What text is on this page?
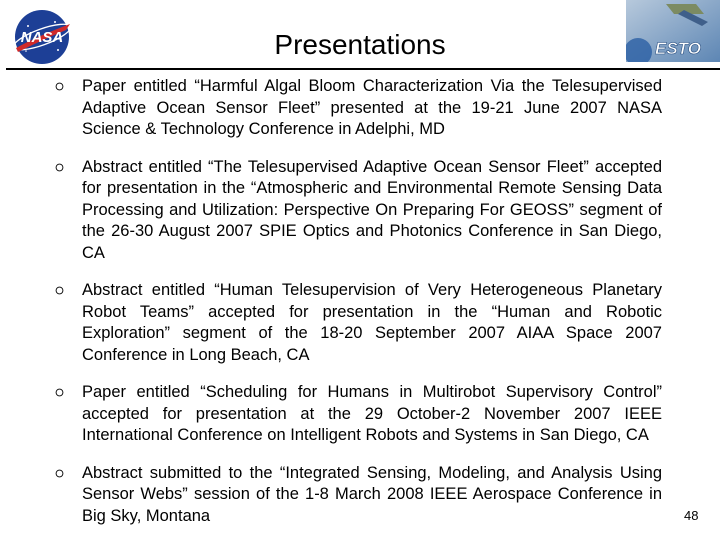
NASA
ESTO
Presentations
Paper entitled “Harmful Algal Bloom Characterization Via the Telesupervised Adaptive Ocean Sensor Fleet” presented at the 19-21 June 2007 NASA Science & Technology Conference in Adelphi, MD
Abstract entitled “The Telesupervised Adaptive Ocean Sensor Fleet” accepted for presentation in the “Atmospheric and Environmental Remote Sensing Data Processing and Utilization: Perspective On Preparing For GEOSS” segment of the 26-30 August 2007 SPIE Optics and Photonics Conference in San Diego, CA
Abstract entitled “Human Telesupervision of Very Heterogeneous Planetary Robot Teams” accepted for presentation in the “Human and Robotic Exploration” segment of the 18-20 September 2007 AIAA Space 2007 Conference in Long Beach, CA
Paper entitled “Scheduling for Humans in Multirobot Supervisory Control” accepted for presentation at the 29 October-2 November 2007 IEEE International Conference on Intelligent Robots and Systems in San Diego, CA
Abstract submitted to the “Integrated Sensing, Modeling, and Analysis Using Sensor Webs” session of the 1-8 March 2008 IEEE Aerospace Conference in Big Sky, Montana	48
